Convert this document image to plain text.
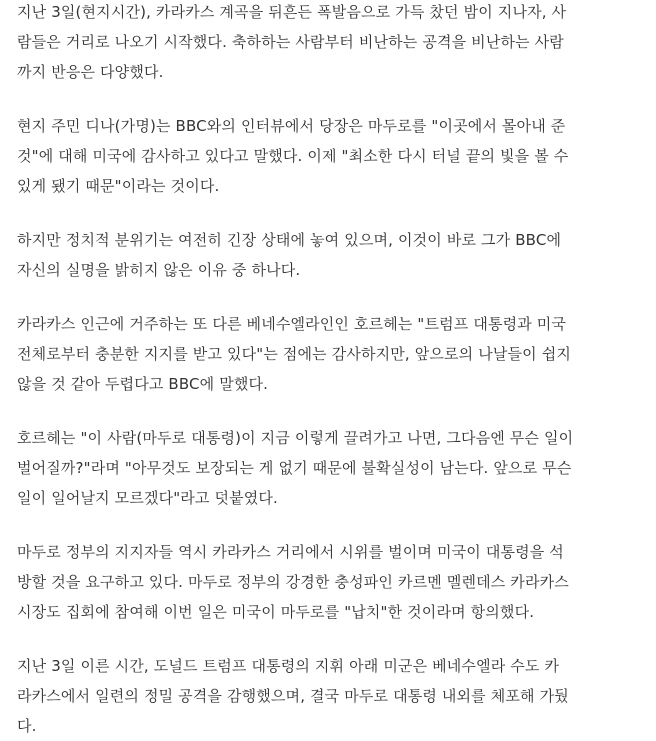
지난 3일(현지시간), 카라카스 계곡을 뒤흔든 폭발음으로 가득 찼던 밤이 지나자, 사
람들은 거리로 나오기 시작했다. 축하하는 사람부터 비난하는 공격을 비난하는 사람
까지 반응은 다양했다.

현지 주민 디나(가명)는 BBC와의 인터뷰에서 당장은 마두로를 "이곳에서 몰아내 준
것"에 대해 미국에 감사하고 있다고 말했다. 이제 "최소한 다시 터널 끝의 빛을 볼 수
있게 됐기 때문"이라는 것이다.

하지만 정치적 분위기는 여전히 긴장 상태에 놓여 있으며, 이것이 바로 그가 BBC에
자신의 실명을 밝히지 않은 이유 중 하나다.

카라카스 인근에 거주하는 또 다른 베네수엘라인인 호르헤는 "트럼프 대통령과 미국
전체로부터 충분한 지지를 받고 있다"는 점에는 감사하지만, 앞으로의 나날들이 쉽지
않을 것 같아 두렵다고 BBC에 말했다.

호르헤는 "이 사람(마두로 대통령)이 지금 이렇게 끌려가고 나면, 그다음엔 무슨 일이
벌어질까?"라며 "아무것도 보장되는 게 없기 때문에 불확실성이 남는다. 앞으로 무슨
일이 일어날지 모르겠다"라고 덧붙였다.

마두로 정부의 지지자들 역시 카라카스 거리에서 시위를 벌이며 미국이 대통령을 석
방할 것을 요구하고 있다. 마두로 정부의 강경한 충성파인 카르멘 멜렌데스 카라카스
시장도 집회에 참여해 이번 일은 미국이 마두로를 "납치"한 것이라며 항의했다.

지난 3일 이른 시간, 도널드 트럼프 대통령의 지휘 아래 미군은 베네수엘라 수도 카
라카스에서 일련의 정밀 공격을 감행했으며, 결국 마두로 대통령 내외를 체포해 가뒀
다.
